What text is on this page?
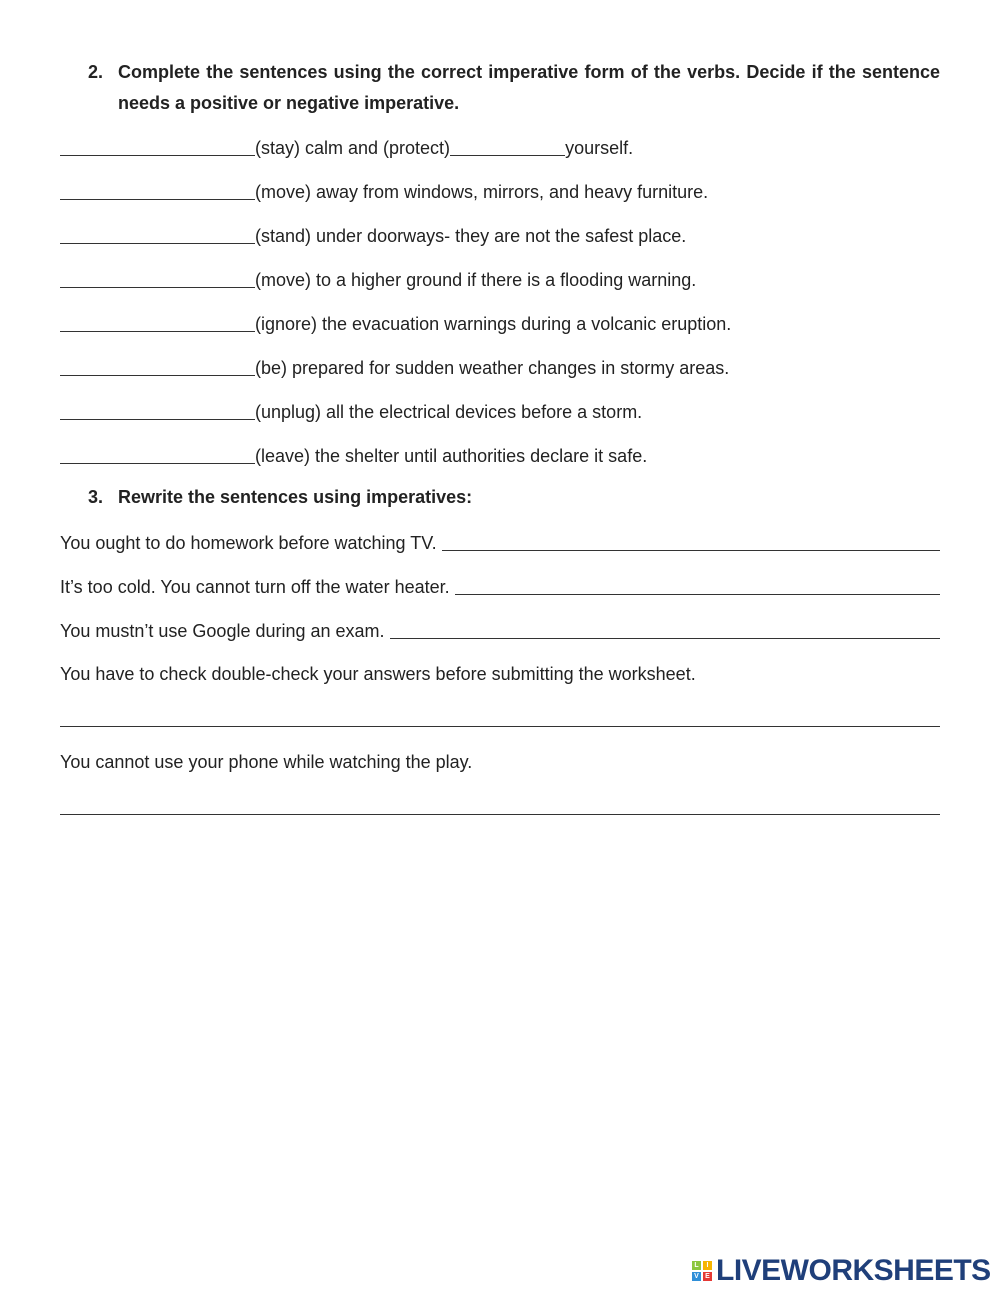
2. Complete the sentences using the correct imperative form of the verbs. Decide if the sentence needs a positive or negative imperative.
(stay) calm and (protect)	yourself.
(move) away from windows, mirrors, and heavy furniture.
(stand) under doorways- they are not the safest place.
(move) to a higher ground if there is a flooding warning.
(ignore) the evacuation warnings during a volcanic eruption.
(be) prepared for sudden weather changes in stormy areas.
(unplug) all the electrical devices before a storm.
(leave) the shelter until authorities declare it safe.
3. Rewrite the sentences using imperatives:
You ought to do homework before watching TV.
It’s too cold. You cannot turn off the water heater.
You mustn’t use Google during an exam.
You have to check double-check your answers before submitting the worksheet.
You cannot use your phone while watching the play.
L	I
V E LIVEWORKSHEETS
